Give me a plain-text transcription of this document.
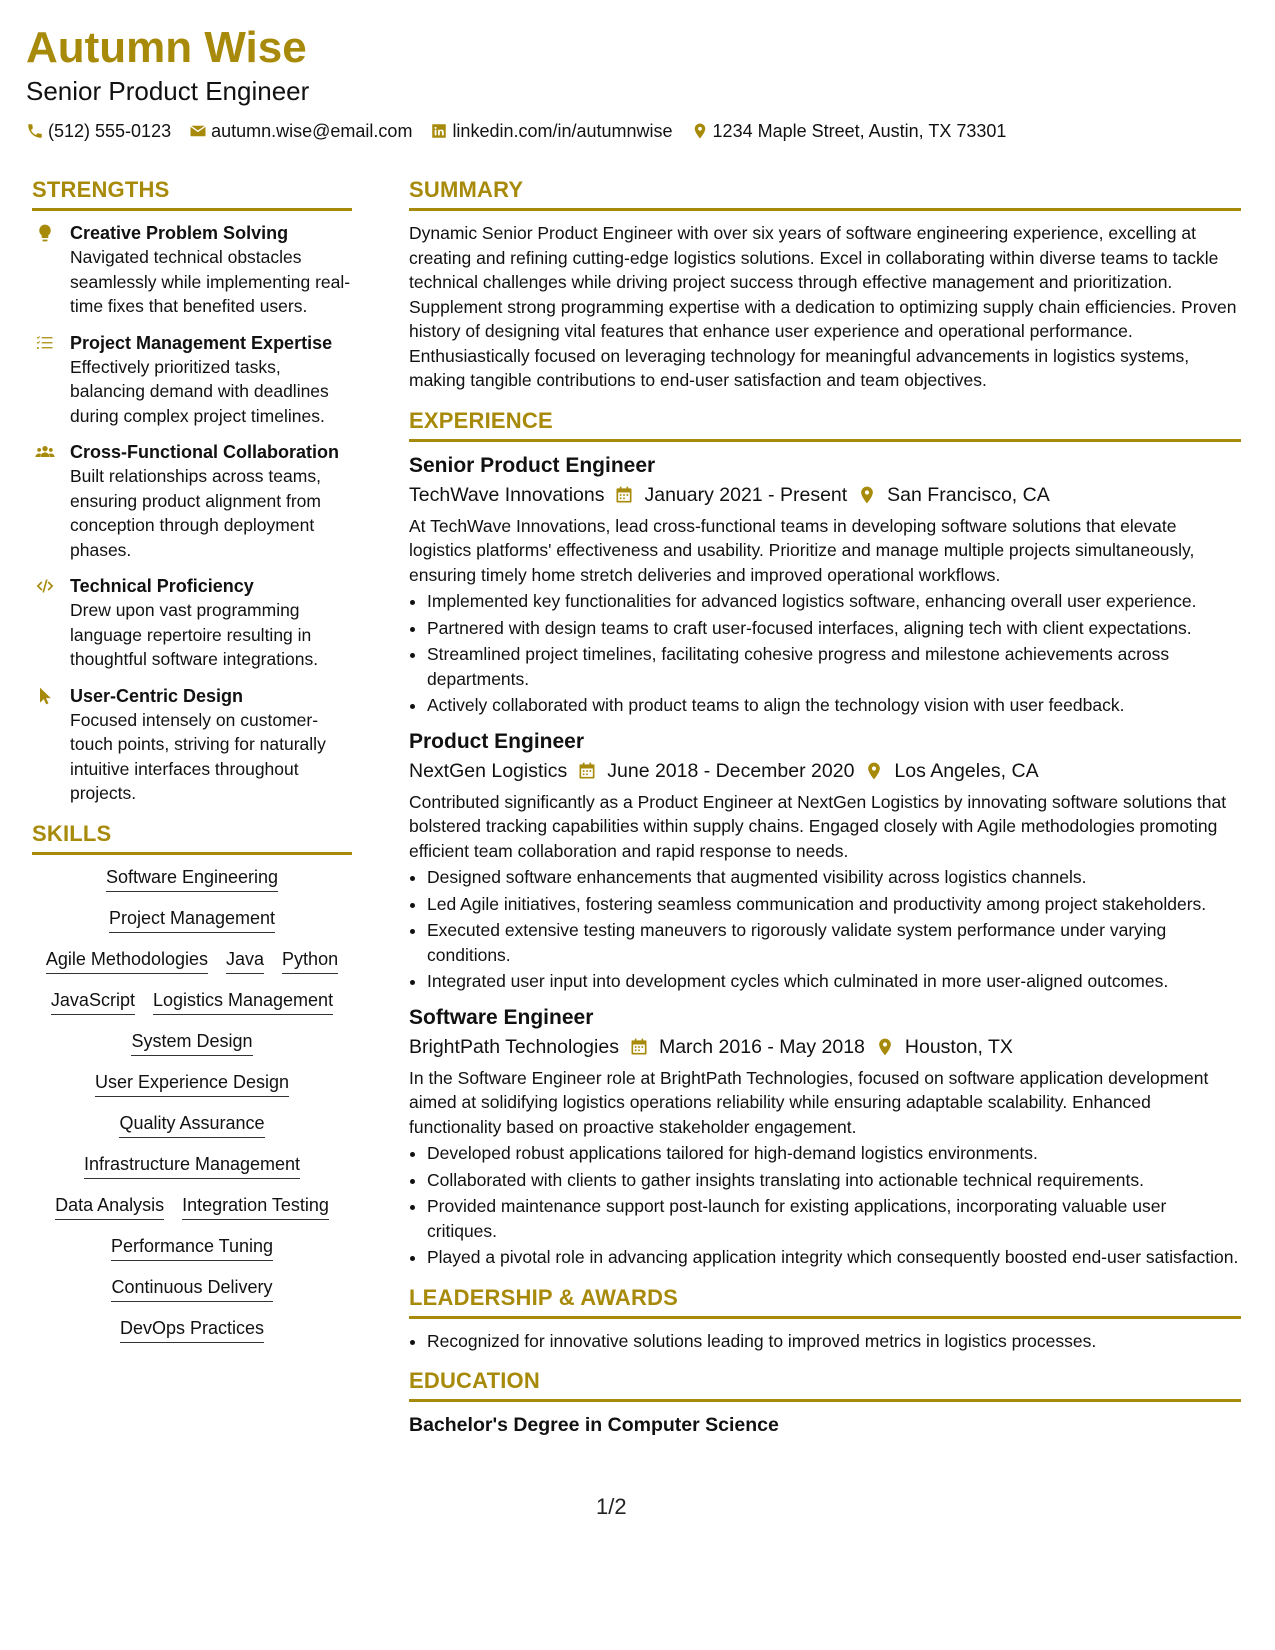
Autumn Wise
Senior Product Engineer
(512) 555-0123 autumn.wise@email.com linkedin.com/in/autumnwise 1234 Maple Street, Austin, TX 73301
STRENGTHS
Creative Problem Solving
Navigated technical obstacles seamlessly while implementing real-time fixes that benefited users.
Project Management Expertise
Effectively prioritized tasks, balancing demand with deadlines during complex project timelines.
Cross-Functional Collaboration
Built relationships across teams, ensuring product alignment from conception through deployment phases.
Technical Proficiency
Drew upon vast programming language repertoire resulting in thoughtful software integrations.
User-Centric Design
Focused intensely on customer-touch points, striving for naturally intuitive interfaces throughout projects.
SKILLS
Software Engineering
Project Management
Agile Methodologies Java Python
JavaScript Logistics Management
System Design
User Experience Design
Quality Assurance
Infrastructure Management
Data Analysis Integration Testing
Performance Tuning
Continuous Delivery
DevOps Practices
SUMMARY

Dynamic Senior Product Engineer with over six years of software engineering experience, excelling at creating and refining cutting-edge logistics solutions. Excel in collaborating within diverse teams to tackle technical challenges while driving project success through effective management and prioritization. Supplement strong programming expertise with a dedication to optimizing supply chain efficiencies. Proven history of designing vital features that enhance user experience and operational performance. Enthusiastically focused on leveraging technology for meaningful advancements in logistics systems, making tangible contributions to end-user satisfaction and team objectives.

EXPERIENCE
Senior Product Engineer
TechWave Innovations January 2021 - Present San Francisco, CA

At TechWave Innovations, lead cross-functional teams in developing software solutions that elevate logistics platforms' effectiveness and usability. Prioritize and manage multiple projects simultaneously, ensuring timely home stretch deliveries and improved operational workflows.

• Implemented key functionalities for advanced logistics software, enhancing overall user experience.
• Partnered with design teams to craft user-focused interfaces, aligning tech with client expectations.
• Streamlined project timelines, facilitating cohesive progress and milestone achievements across departments.
• Actively collaborated with product teams to align the technology vision with user feedback.
Product Engineer
NextGen Logistics June 2018 - December 2020 Los Angeles, CA

Contributed significantly as a Product Engineer at NextGen Logistics by innovating software solutions that bolstered tracking capabilities within supply chains. Engaged closely with Agile methodologies promoting efficient team collaboration and rapid response to needs.

• Designed software enhancements that augmented visibility across logistics channels.
• Led Agile initiatives, fostering seamless communication and productivity among project stakeholders.
• Executed extensive testing maneuvers to rigorously validate system performance under varying conditions.
• Integrated user input into development cycles which culminated in more user-aligned outcomes.
Software Engineer
BrightPath Technologies March 2016 - May 2018 Houston, TX

In the Software Engineer role at BrightPath Technologies, focused on software application development aimed at solidifying logistics operations reliability while ensuring adaptable scalability. Enhanced functionality based on proactive stakeholder engagement.

• Developed robust applications tailored for high-demand logistics environments.
• Collaborated with clients to gather insights translating into actionable technical requirements.
• Provided maintenance support post-launch for existing applications, incorporating valuable user critiques.
• Played a pivotal role in advancing application integrity which consequently boosted end-user satisfaction.
LEADERSHIP & AWARDS
• Recognized for innovative solutions leading to improved metrics in logistics processes.
EDUCATION
Bachelor's Degree in Computer Science
1/2
